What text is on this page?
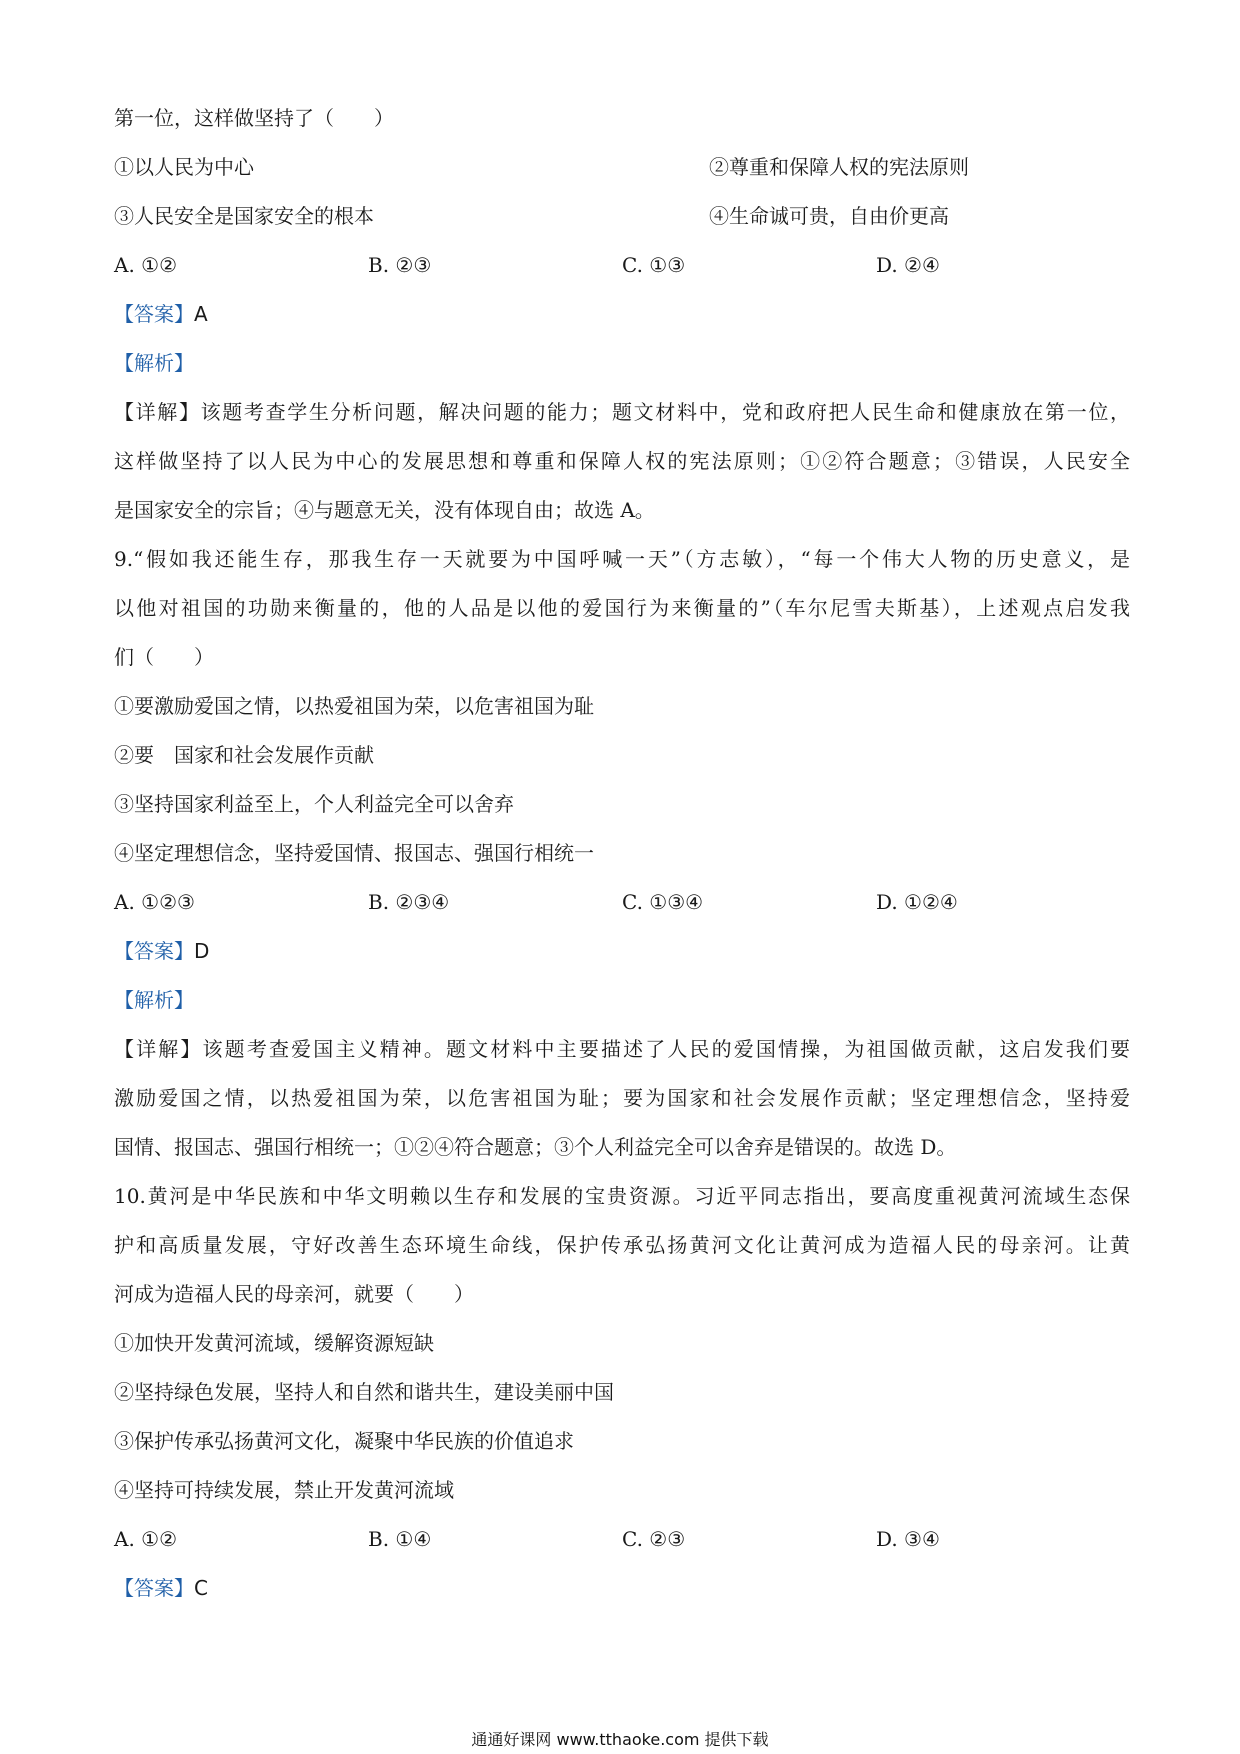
第一位，这样做坚持了（　　）
①以人民为中心	②尊重和保障人权的宪法原则
③人民安全是国家安全的根本	④生命诚可贵，自由价更高
A. ①②	B. ②③	C. ①③	D. ②④
【答案】A
【解析】
【详解】该题考查学生分析问题，解决问题的能力；题文材料中，党和政府把人民生命和健康放在第一位，
这样做坚持了以人民为中心的发展思想和尊重和保障人权的宪法原则；①②符合题意；③错误，人民安全
是国家安全的宗旨；④与题意无关，没有体现自由；故选 A。
9.“假如我还能生存，那我生存一天就要为中国呼喊一天”（方志敏），“每一个伟大人物的历史意义，是
以他对祖国的功勋来衡量的，他的人品是以他的爱国行为来衡量的”（车尔尼雪夫斯基），上述观点启发我
们（　　）
①要激励爱国之情，以热爱祖国为荣，以危害祖国为耻
②要　国家和社会发展作贡献
③坚持国家利益至上，个人利益完全可以舍弃
④坚定理想信念，坚持爱国情、报国志、强国行相统一
A. ①②③	B. ②③④	C. ①③④	D. ①②④
【答案】D
【解析】
【详解】该题考查爱国主义精神。题文材料中主要描述了人民的爱国情操，为祖国做贡献，这启发我们要
激励爱国之情，以热爱祖国为荣，以危害祖国为耻；要为国家和社会发展作贡献；坚定理想信念，坚持爱
国情、报国志、强国行相统一；①②④符合题意；③个人利益完全可以舍弃是错误的。故选 D。
10.黄河是中华民族和中华文明赖以生存和发展的宝贵资源。习近平同志指出，要高度重视黄河流域生态保
护和高质量发展，守好改善生态环境生命线，保护传承弘扬黄河文化让黄河成为造福人民的母亲河。让黄
河成为造福人民的母亲河，就要（　　）
①加快开发黄河流域，缓解资源短缺
②坚持绿色发展，坚持人和自然和谐共生，建设美丽中国
③保护传承弘扬黄河文化，凝聚中华民族的价值追求
④坚持可持续发展，禁止开发黄河流域
A. ①②	B. ①④	C. ②③	D. ③④
【答案】C
通通好课网 www.tthaoke.com 提供下载
